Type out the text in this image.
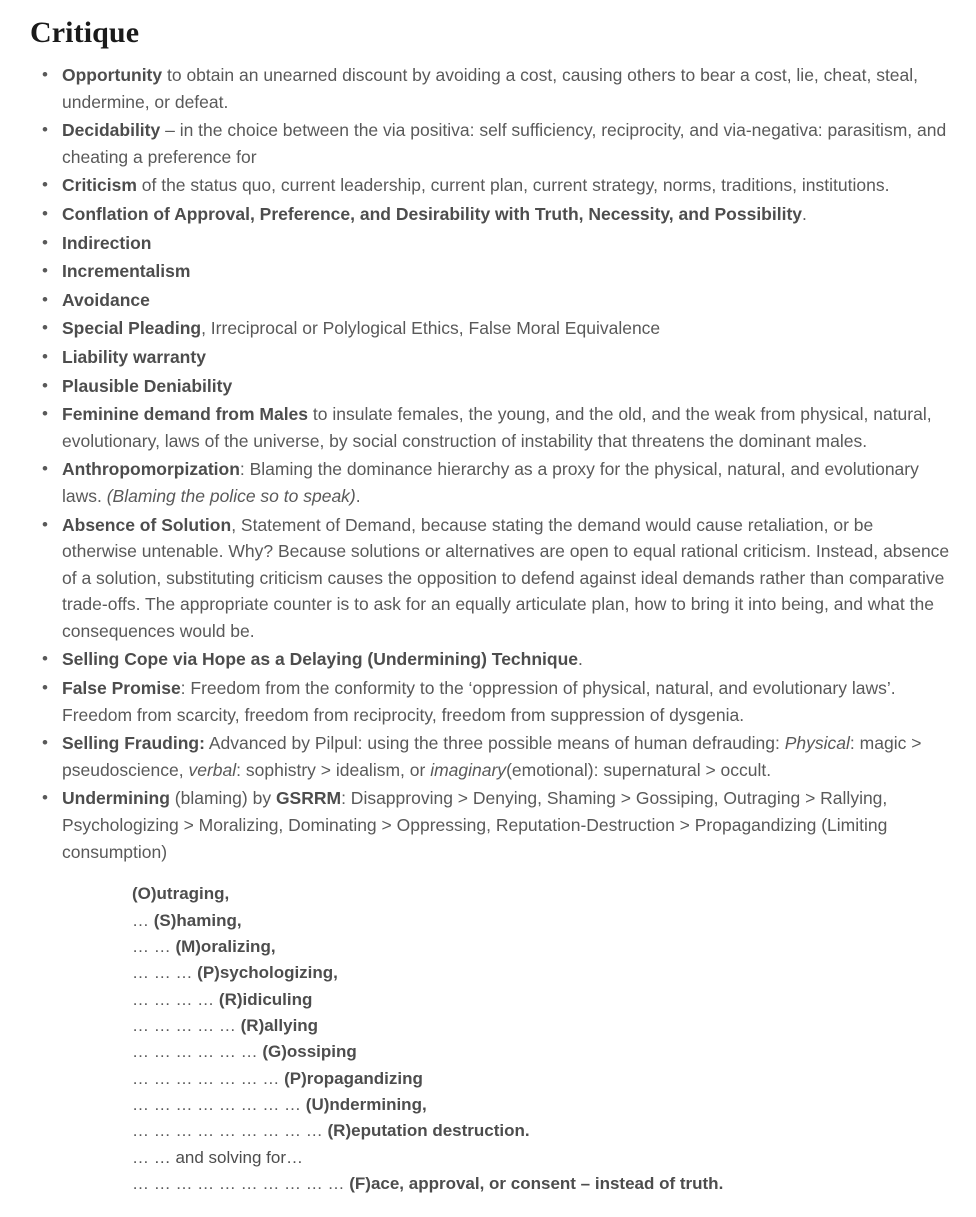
Critique
• Opportunity to obtain an unearned discount by avoiding a cost, causing others to bear a cost, lie, cheat, steal, undermine, or defeat.
• Decidability – in the choice between the via positiva: self sufficiency, reciprocity, and via-negativa: parasitism, and cheating a preference for
• Criticism of the status quo, current leadership, current plan, current strategy, norms, traditions, institutions.
• Conflation of Approval, Preference, and Desirability with Truth, Necessity, and Possibility.
• Indirection
• Incrementalism
• Avoidance
• Special Pleading, Irreciprocal or Polylogical Ethics, False Moral Equivalence
• Liability warranty
• Plausible Deniability
• Feminine demand from Males to insulate females, the young, and the old, and the weak from physical, natural, evolutionary, laws of the universe, by social construction of instability that threatens the dominant males.
• Anthropomorpization: Blaming the dominance hierarchy as a proxy for the physical, natural, and evolutionary laws. (Blaming the police so to speak).
• Absence of Solution, Statement of Demand, because stating the demand would cause retaliation, or be otherwise untenable. Why? Because solutions or alternatives are open to equal rational criticism. Instead, absence of a solution, substituting criticism causes the opposition to defend against ideal demands rather than comparative trade-offs. The appropriate counter is to ask for an equally articulate plan, how to bring it into being, and what the consequences would be.
• Selling Cope via Hope as a Delaying (Undermining) Technique.
• False Promise: Freedom from the conformity to the ‘oppression of physical, natural, and evolutionary laws’. Freedom from scarcity, freedom from reciprocity, freedom from suppression of dysgenia.
• Selling Frauding: Advanced by Pilpul: using the three possible means of human defrauding: Physical: magic > pseudoscience, verbal: sophistry > idealism, or imaginary(emotional): supernatural > occult.
• Undermining (blaming) by GSRRM: Disapproving > Denying, Shaming > Gossiping, Outraging > Rallying, Psychologizing > Moralizing, Dominating > Oppressing, Reputation-Destruction > Propagandizing (Limiting consumption)
(O)utraging,
… (S)haming,
… … (M)oralizing,
… … … (P)sychologizing,
… … … … (R)idiculing
… … … … … (R)allying
… … … … … … (G)ossiping
… … … … … … … (P)ropagandizing
… … … … … … … … (U)ndermining,
… … … … … … … … … (R)eputation destruction.
… … and solving for…
… … … … … … … … … … (F)ace, approval, or consent – instead of truth.
